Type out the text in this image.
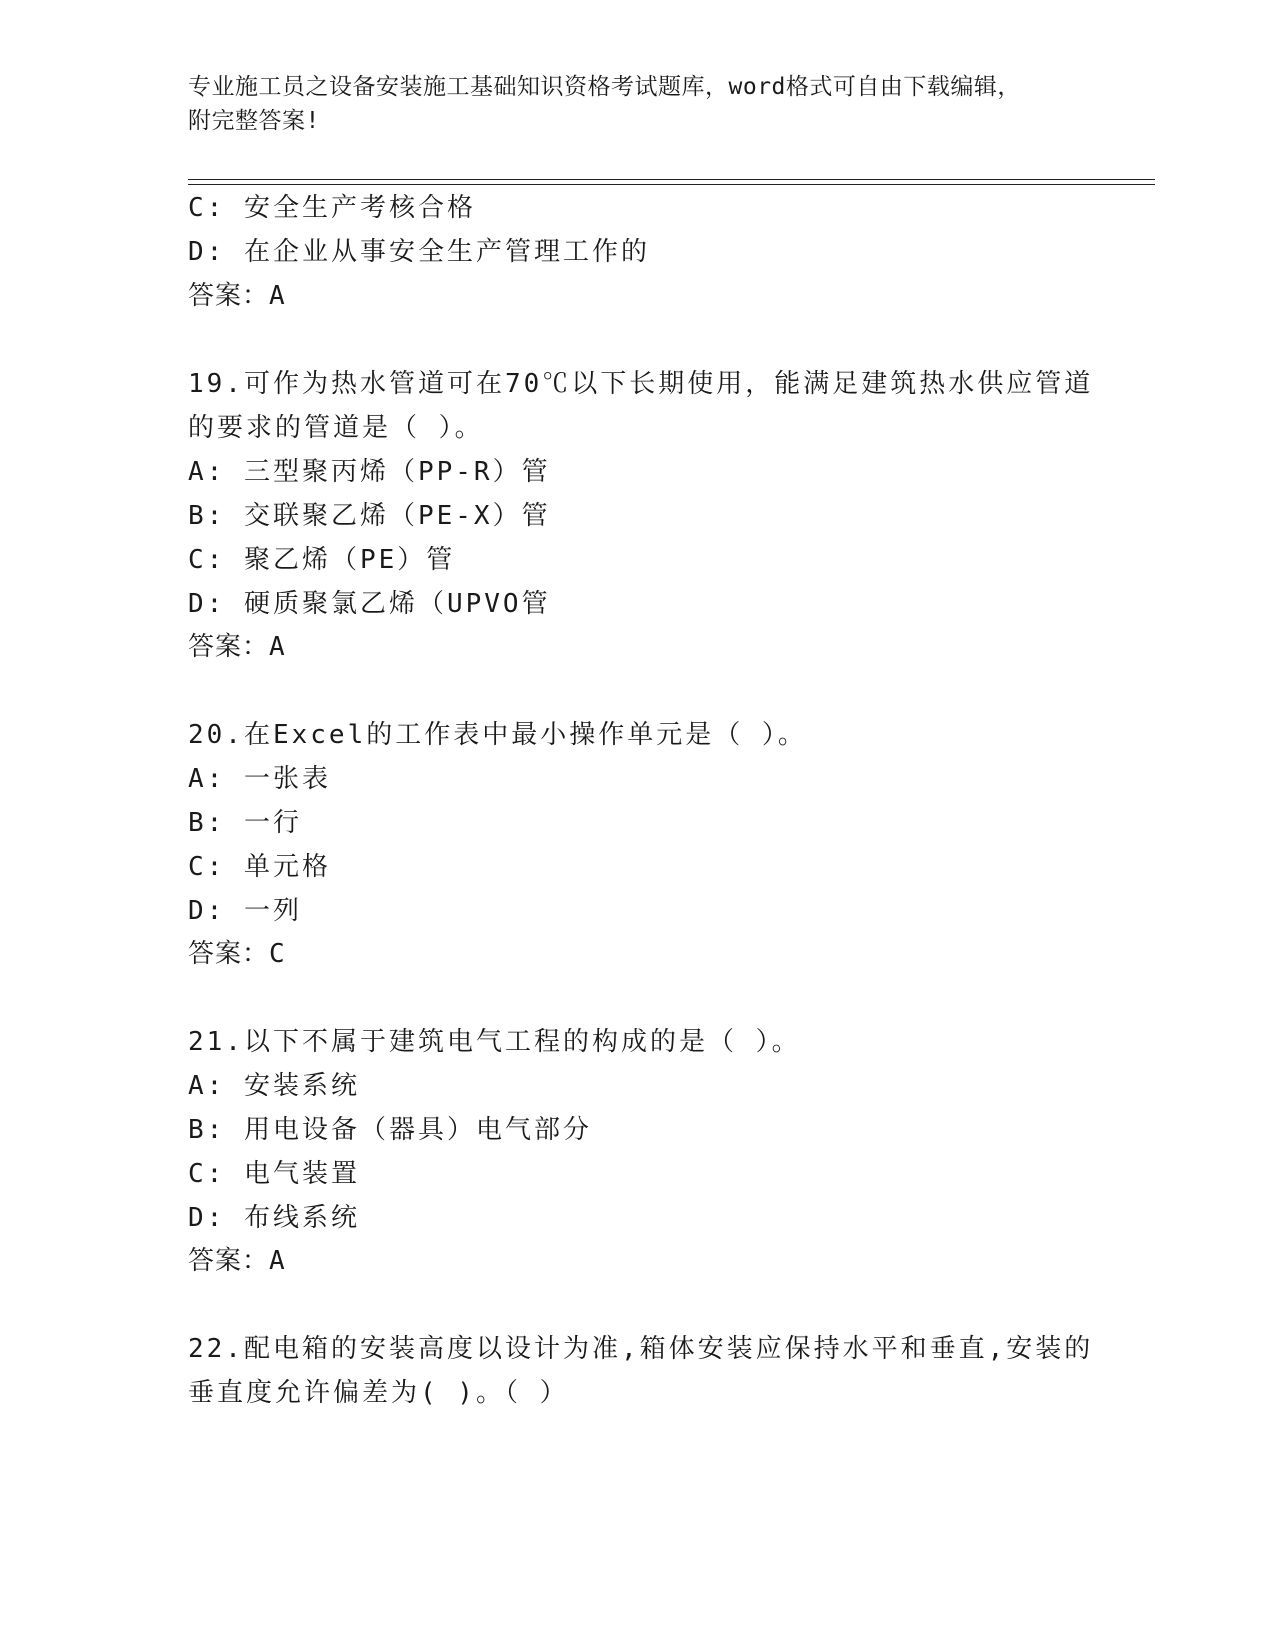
专业施工员之设备安装施工基础知识资格考试题库，word格式可自由下载编辑，
附完整答案!
C: 安全生产考核合格
D: 在企业从事安全生产管理工作的
答案：A
19.可作为热水管道可在70℃以下长期使用，能满足建筑热水供应管道
的要求的管道是（ ）。
A: 三型聚丙烯（PP-R）管
B: 交联聚乙烯（PE-X）管
C: 聚乙烯（PE）管
D: 硬质聚氯乙烯（UPVO管
答案：A
20.在Excel的工作表中最小操作单元是（ ）。
A: 一张表
B: 一行
C: 单元格
D: 一列
答案：C
21.以下不属于建筑电气工程的构成的是（ ）。
A: 安装系统
B: 用电设备（器具）电气部分
C: 电气装置
D: 布线系统
答案：A
22.配电箱的安装高度以设计为准,箱体安装应保持水平和垂直,安装的
垂直度允许偏差为( )。（ ）
